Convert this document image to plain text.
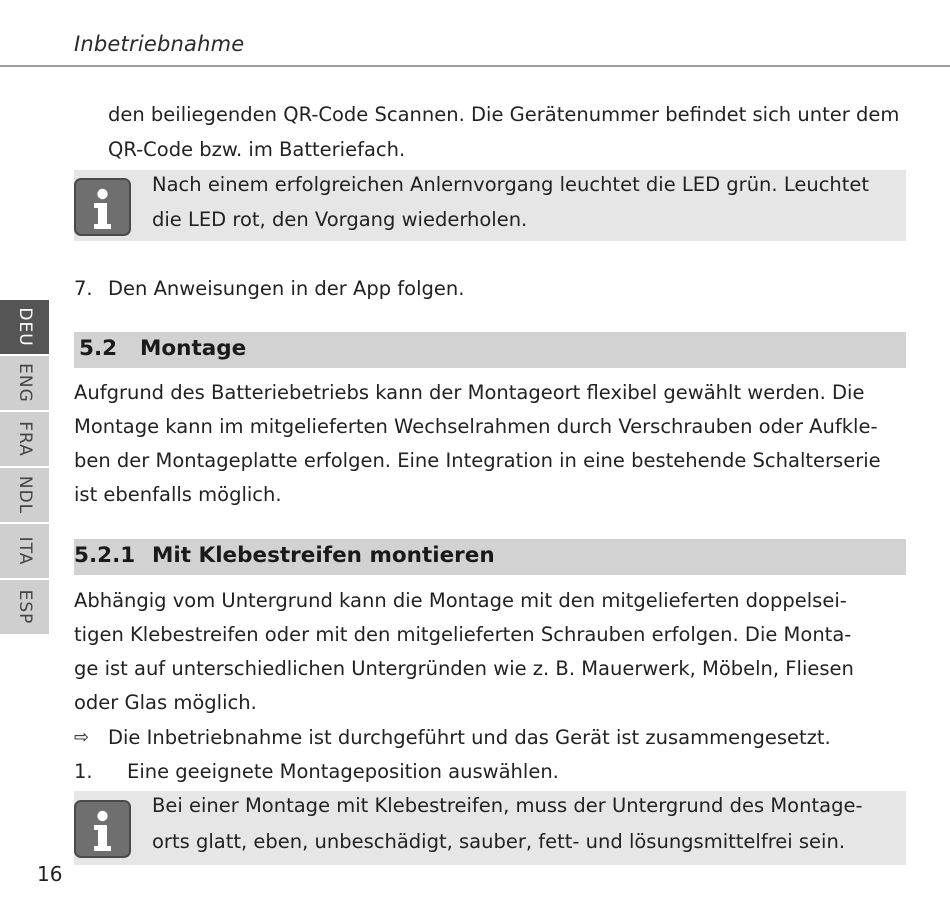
Inbetriebnahme
den beiliegenden QR-Code Scannen. Die Gerätenummer befindet sich unter dem
QR-Code bzw. im Batteriefach.
Nach einem erfolgreichen Anlernvorgang leuchtet die LED grün. Leuchtet
die LED rot, den Vorgang wiederholen.
7. Den Anweisungen in der App folgen.
5.2 Montage
Aufgrund des Batteriebetriebs kann der Montageort flexibel gewählt werden. Die
Montage kann im mitgelieferten Wechselrahmen durch Verschrauben oder Aufkle-
ben der Montageplatte erfolgen. Eine Integration in eine bestehende Schalterserie
ist ebenfalls möglich.
5.2.1 Mit Klebestreifen montieren
Abhängig vom Untergrund kann die Montage mit den mitgelieferten doppelsei-
tigen Klebestreifen oder mit den mitgelieferten Schrauben erfolgen. Die Monta-
ge ist auf unterschiedlichen Untergründen wie z. B. Mauerwerk, Möbeln, Fliesen
oder Glas möglich.
⇨ Die Inbetriebnahme ist durchgeführt und das Gerät ist zusammengesetzt.
1. Eine geeignete Montageposition auswählen.
Bei einer Montage mit Klebestreifen, muss der Untergrund des Montage-
orts glatt, eben, unbeschädigt, sauber, fett- und lösungsmittelfrei sein.
DEU
ENG
FRA
NDL
ITA
ESP
16
